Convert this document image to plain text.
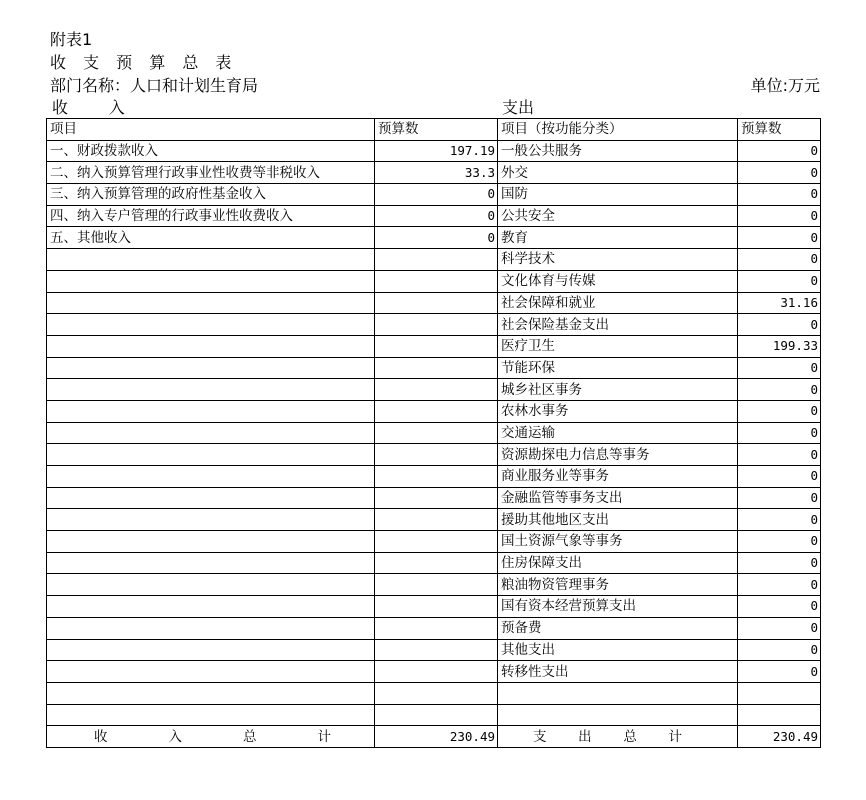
附表1
收 支 预 算 总 表
部门名称：人口和计划生育局	单位:万元
收        入	支出
项目	预算数	项目（按功能分类）	预算数
一、财政拨款收入	197.19	一般公共服务	0
二、纳入预算管理行政事业性收费等非税收入	33.3	外交	0
三、纳入预算管理的政府性基金收入	0	国防	0
四、纳入专户管理的行政事业性收费收入	0	公共安全	0
五、其他收入	0	教育	0
		科学技术	0
		文化体育与传媒	0
		社会保障和就业	31.16
		社会保险基金支出	0
		医疗卫生	199.33
		节能环保	0
		城乡社区事务	0
		农林水事务	0
		交通运输	0
		资源勘探电力信息等事务	0
		商业服务业等事务	0
		金融监管等事务支出	0
		援助其他地区支出	0
		国土资源气象等事务	0
		住房保障支出	0
		粮油物资管理事务	0
		国有资本经营预算支出	0
		预备费	0
		其他支出	0
		转移性支出	0

收 入 总 计	230.49	支 出 总 计	230.49
